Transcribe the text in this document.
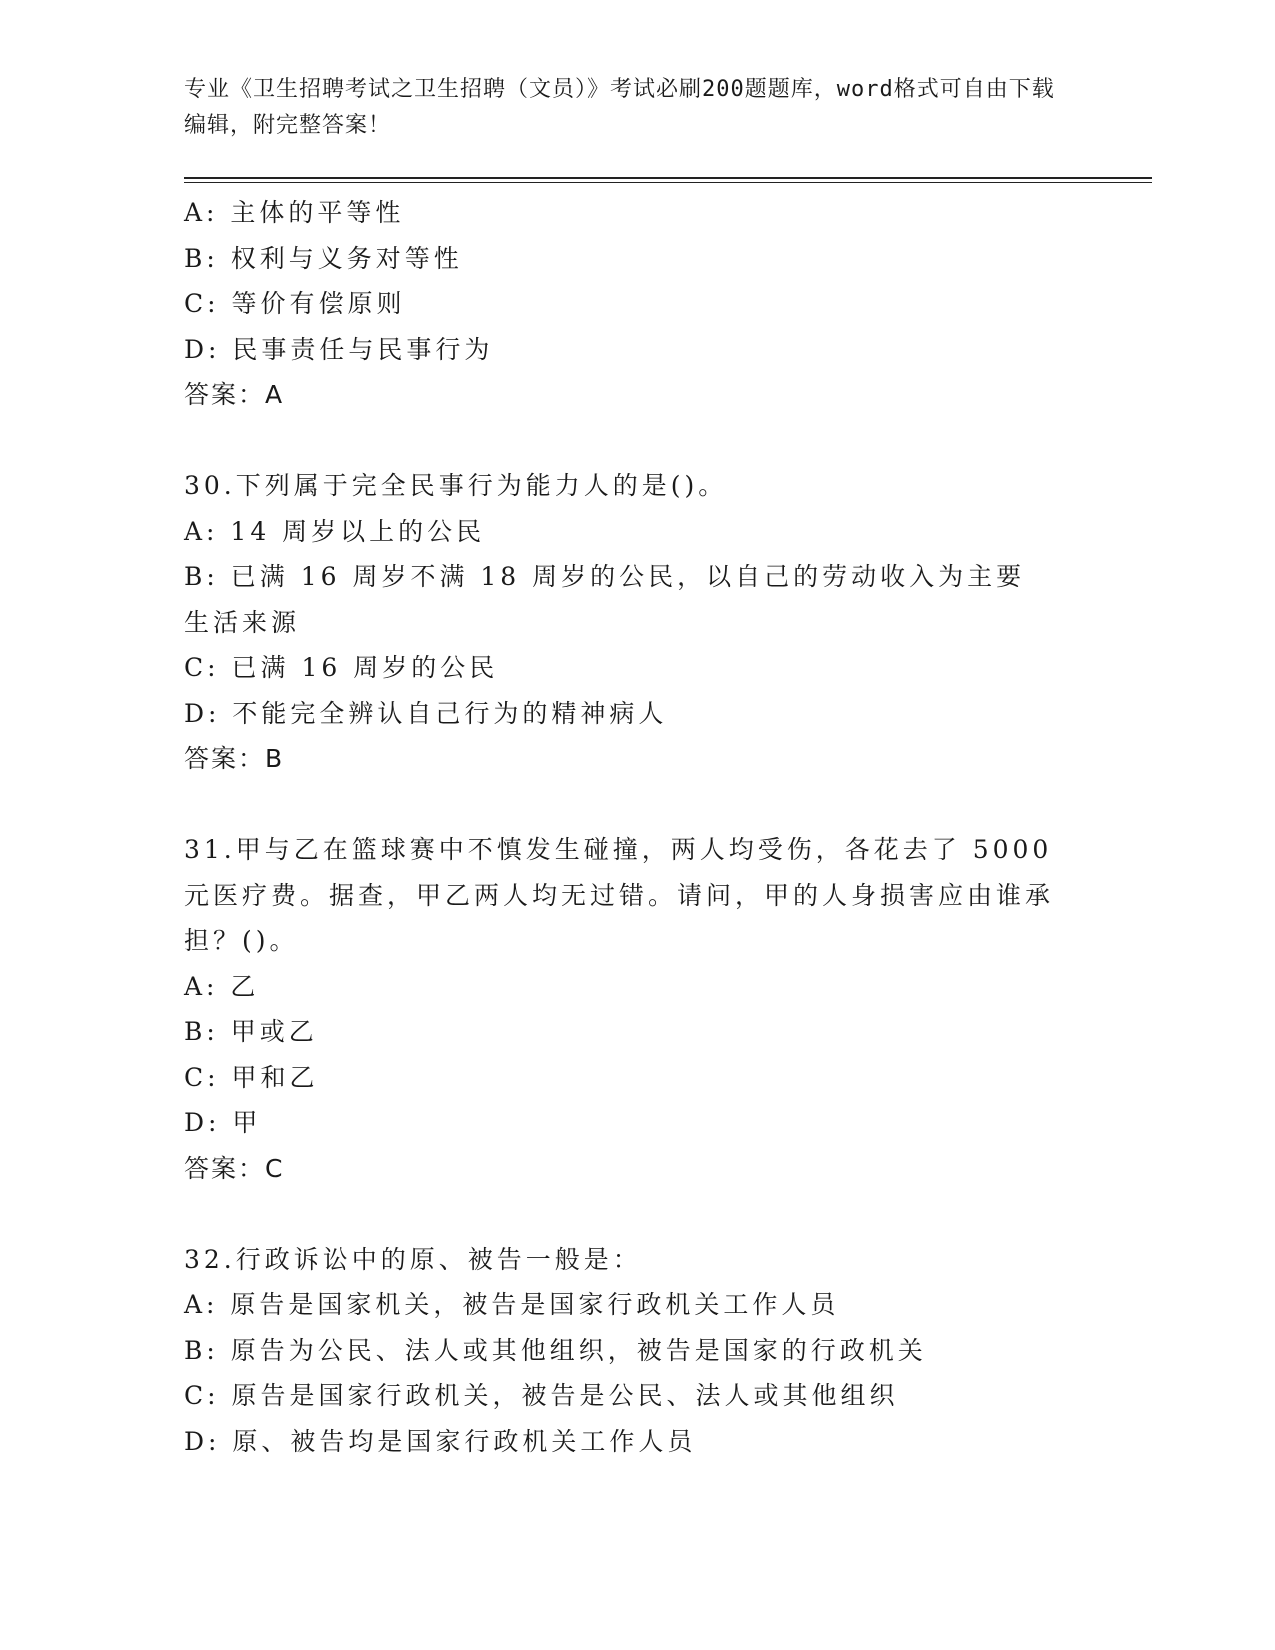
专业《卫生招聘考试之卫生招聘（文员）》考试必刷200题题库，word格式可自由下载编辑，附完整答案！
A: 主体的平等性
B: 权利与义务对等性
C: 等价有偿原则
D: 民事责任与民事行为
答案：A
30.下列属于完全民事行为能力人的是()。
A: 14 周岁以上的公民
B: 已满 16 周岁不满 18 周岁的公民，以自己的劳动收入为主要生活来源
C: 已满 16 周岁的公民
D: 不能完全辨认自己行为的精神病人
答案：B
31.甲与乙在篮球赛中不慎发生碰撞，两人均受伤，各花去了 5000 元医疗费。据查，甲乙两人均无过错。请问，甲的人身损害应由谁承担？()。
A: 乙
B: 甲或乙
C: 甲和乙
D: 甲
答案：C
32.行政诉讼中的原、被告一般是：
A: 原告是国家机关，被告是国家行政机关工作人员
B: 原告为公民、法人或其他组织，被告是国家的行政机关
C: 原告是国家行政机关，被告是公民、法人或其他组织
D: 原、被告均是国家行政机关工作人员
